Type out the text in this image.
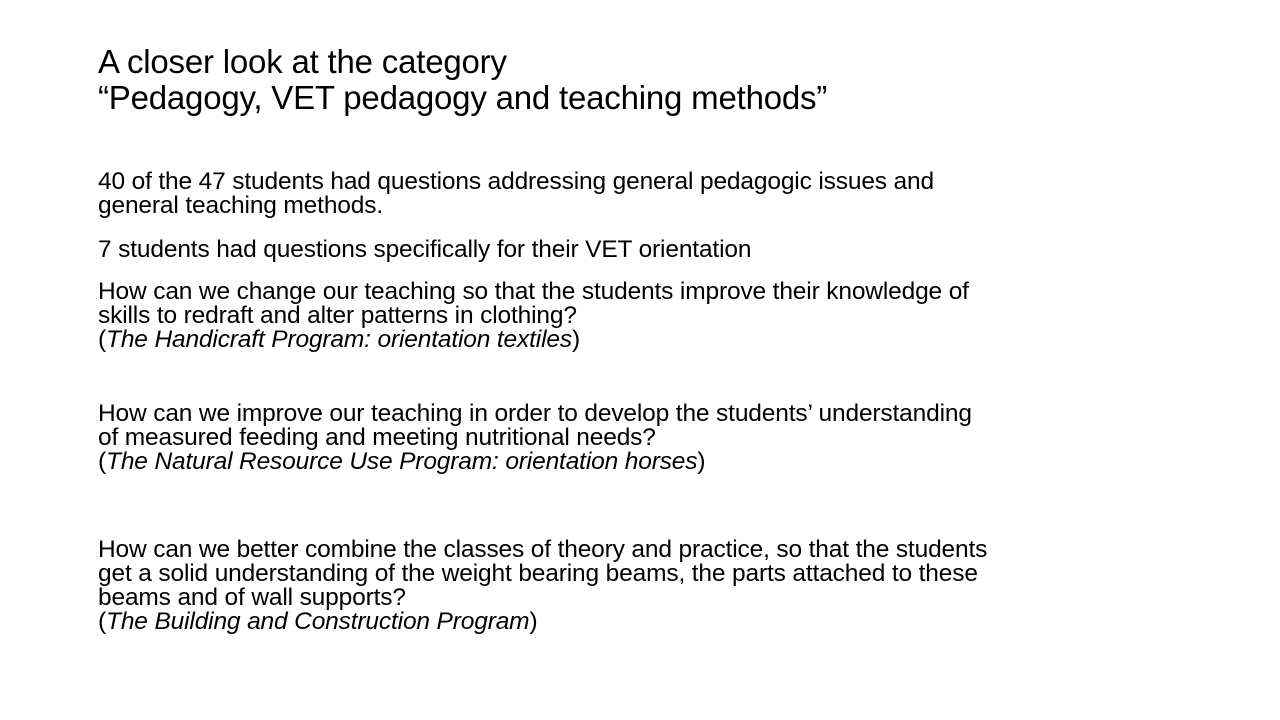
A closer look at the category
“Pedagogy, VET pedagogy and teaching methods”
40 of the 47 students had questions addressing general pedagogic issues and
general teaching methods.
7 students had questions specifically for their VET orientation
How can we change our teaching so that the students improve their knowledge of
skills to redraft and alter patterns in clothing?
(The Handicraft Program: orientation textiles)
How can we improve our teaching in order to develop the students’ understanding
of measured feeding and meeting nutritional needs?
(The Natural Resource Use Program: orientation horses)
How can we better combine the classes of theory and practice, so that the students
get a solid understanding of the weight bearing beams, the parts attached to these
beams and of wall supports?
(The Building and Construction Program)
